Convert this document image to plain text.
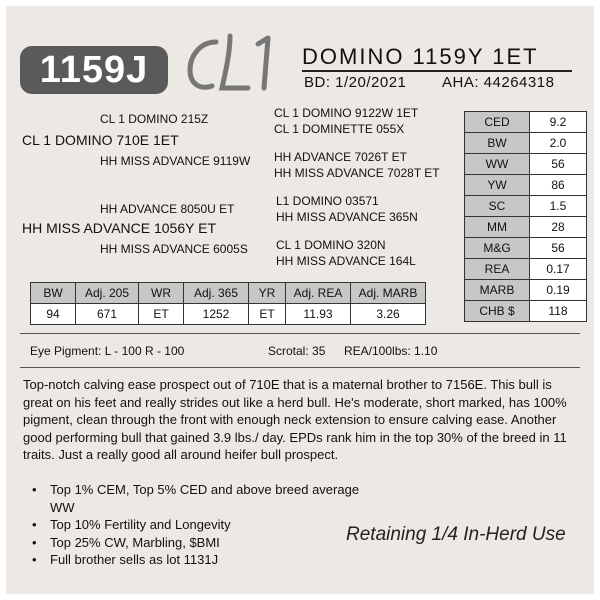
1159J	DOMINO 1159Y 1ET
BD: 1/20/2021 AHA: 44264318
CL 1 DOMINO 215Z
CL 1 DOMINO 710E 1ET
HH MISS ADVANCE 9119W
CL 1 DOMINO 9122W 1ET
CL 1 DOMINETTE 055X
HH ADVANCE 7026T ET
HH MISS ADVANCE 7028T ET
HH ADVANCE 8050U ET
HH MISS ADVANCE 1056Y ET
HH MISS ADVANCE 6005S
L1 DOMINO 03571
HH MISS ADVANCE 365N
CL 1 DOMINO 320N
HH MISS ADVANCE 164L
CED	9.2
BW	2.0
WW	56
YW	86
SC	1.5
MM	28
M&G	56
REA	0.17
MARB	0.19
CHB $	118
BW	Adj. 205	WR	Adj. 365	YR	Adj. REA	Adj. MARB
94	671	ET	1252	ET	11.93	3.26
Eye Pigment: L - 100 R - 100	Scrotal: 35 REA/100lbs: 1.10
Top-notch calving ease prospect out of 710E that is a maternal brother to 7156E. This bull is great on his feet and really strides out like a herd bull. He's moderate, short marked, has 100% pigment, clean through the front with enough neck extension to ensure calving ease. Another good performing bull that gained 3.9 lbs./ day. EPDs rank him in the top 30% of the breed in 11 traits. Just a really good all around heifer bull prospect.
• Top 1% CEM, Top 5% CED and above breed average WW
• Top 10% Fertility and Longevity
• Top 25% CW, Marbling, $BMI
• Full brother sells as lot 1131J
Retaining 1/4 In-Herd Use
